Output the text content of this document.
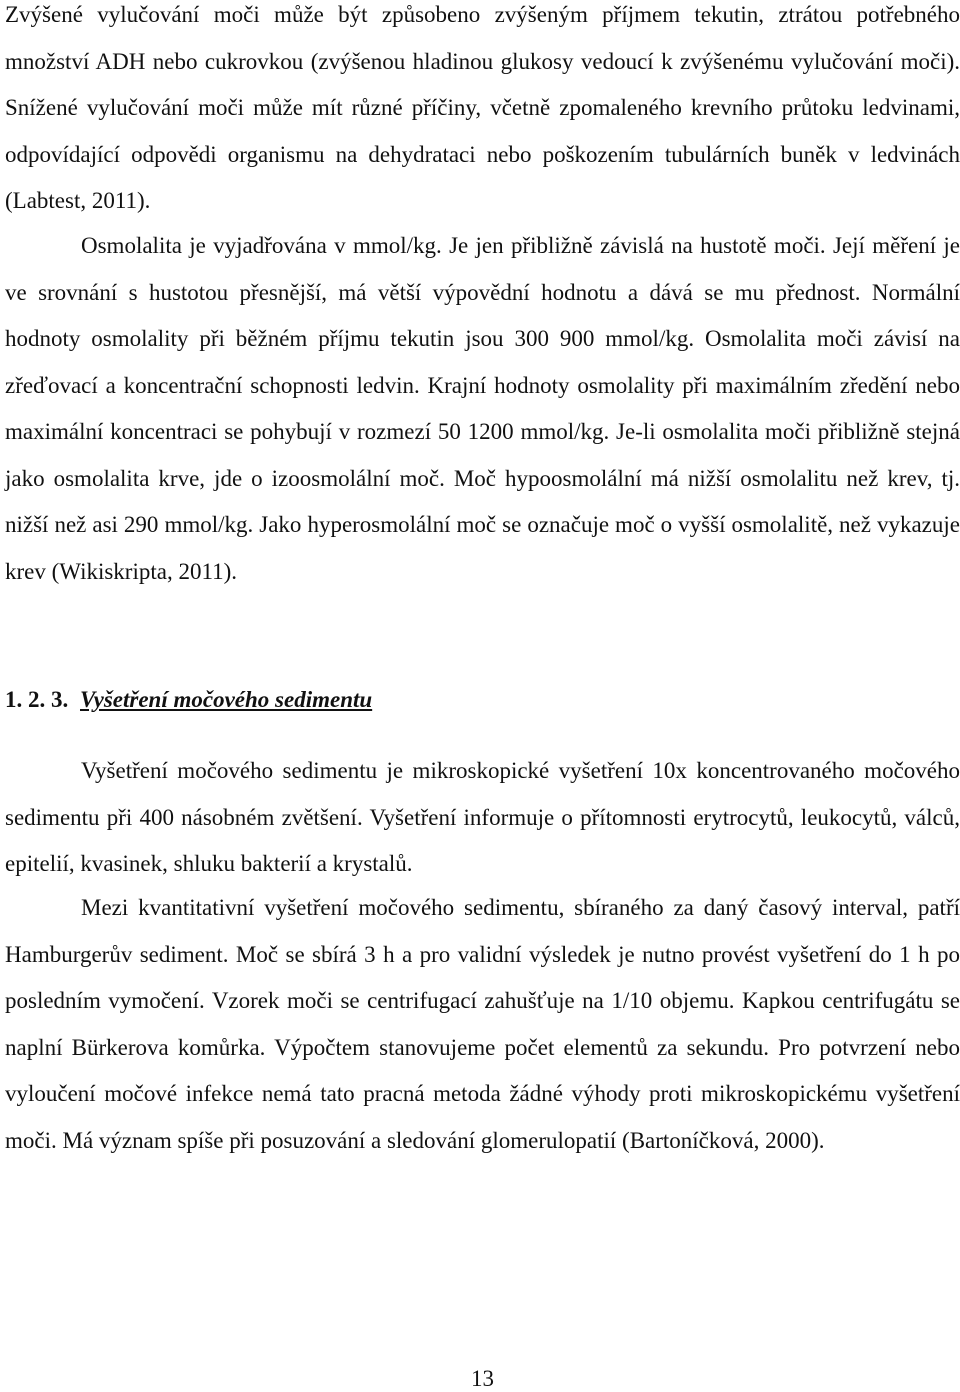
Zvýšené vylučování moči může být způsobeno zvýšeným příjmem tekutin, ztrátou potřebného množství ADH nebo cukrovkou (zvýšenou hladinou glukosy vedoucí k zvýšenému vylučování moči). Snížené vylučování moči může mít různé příčiny, včetně zpomaleného krevního průtoku ledvinami, odpovídající odpovědi organismu na dehydrataci nebo poškozením tubulárních buněk v ledvinách (Labtest, 2011).

Osmolalita je vyjadřována v mmol/kg. Je jen přibližně závislá na hustotě moči. Její měření je ve srovnání s hustotou přesnější, má větší výpovědní hodnotu a dává se mu přednost. Normální hodnoty osmolality při běžném příjmu tekutin jsou 300 900 mmol/kg. Osmolalita moči závisí na zřeďovací a koncentrační schopnosti ledvin. Krajní hodnoty osmolality při maximálním zředění nebo maximální koncentraci se pohybují v rozmezí 50 1200 mmol/kg. Je-li osmolalita moči přibližně stejná jako osmolalita krve, jde o izoosmolální moč. Moč hypoosmolální má nižší osmolalitu než krev, tj. nižší než asi 290 mmol/kg. Jako hyperosmolální moč se označuje moč o vyšší osmolalitě, než vykazuje krev (Wikiskripta, 2011).

1. 2. 3. Vyšetření močového sedimentu

Vyšetření močového sedimentu je mikroskopické vyšetření 10x koncentrovaného močového sedimentu při 400 násobném zvětšení. Vyšetření informuje o přítomnosti erytrocytů, leukocytů, válců, epitelií, kvasinek, shluku bakterií a krystalů.

Mezi kvantitativní vyšetření močového sedimentu, sbíraného za daný časový interval, patří Hamburgerův sediment. Moč se sbírá 3 h a pro validní výsledek je nutno provést vyšetření do 1 h po posledním vymočení. Vzorek moči se centrifugací zahušťuje na 1/10 objemu. Kapkou centrifugátu se naplní Bürkerova komůrka. Výpočtem stanovujeme počet elementů za sekundu. Pro potvrzení nebo vyloučení močové infekce nemá tato pracná metoda žádné výhody proti mikroskopickému vyšetření moči. Má význam spíše při posuzování a sledování glomerulopatií (Bartoníčková, 2000).

13
